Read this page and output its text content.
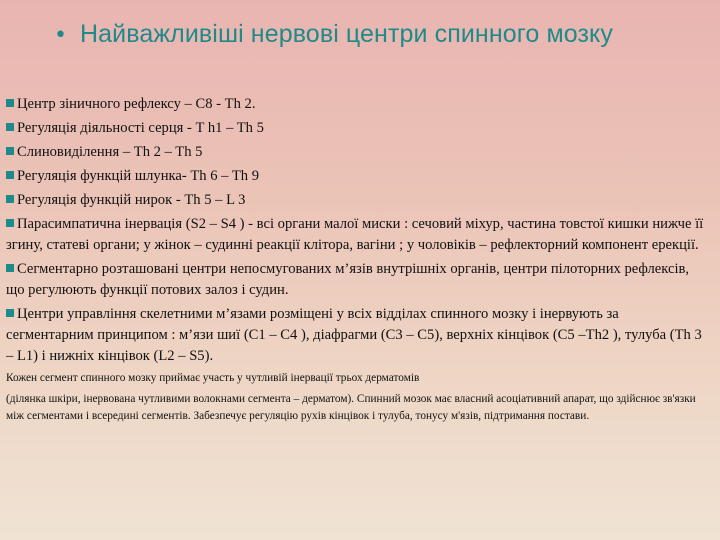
• Найважливіші нервові центри спинного мозку
Центр зіничного рефлексу – С8 - Th 2.
Регуляція діяльності серця - T h1 – Th 5
Слиновиділення – Th 2 – Th 5
Регуляція функцій шлунка- Th 6 – Th 9
Регуляція функцій нирок - Th 5 – L 3
Парасимпатична інервація (S2 – S4 ) - всі органи малої миски : сечовий міхур, частина товстої кишки нижче її згину, статеві органи; у жінок – судинні реакції клітора, вагіни ; у чоловіків – рефлекторний компонент ерекції.
Сегментарно розташовані центри непосмугованих м’язів внутрішніх органів, центри пілоторних рефлексів, що регулюють функції потових залоз і судин.
Центри управління скелетними м’язами розміщені у всіх відділах спинного мозку і інервують за сегментарним принципом : м’язи шиї (С1 – С4 ), діафрагми (С3 – С5), верхніх кінцівок (С5 –Th2 ), тулуба (Th 3 – L1) і нижніх кінцівок (L2 – S5).
Кожен сегмент спинного мозку приймає участь у чутливій інервації трьох дерматомів
(ділянка шкіри, інервована чутливими волокнами сегмента – дерматом). Спинний мозок має власний асоціативний апарат, що здійснює зв'язки між сегментами і всередині сегментів. Забезпечує регуляцію рухів кінцівок і тулуба, тонусу м'язів, підтримання постави.
